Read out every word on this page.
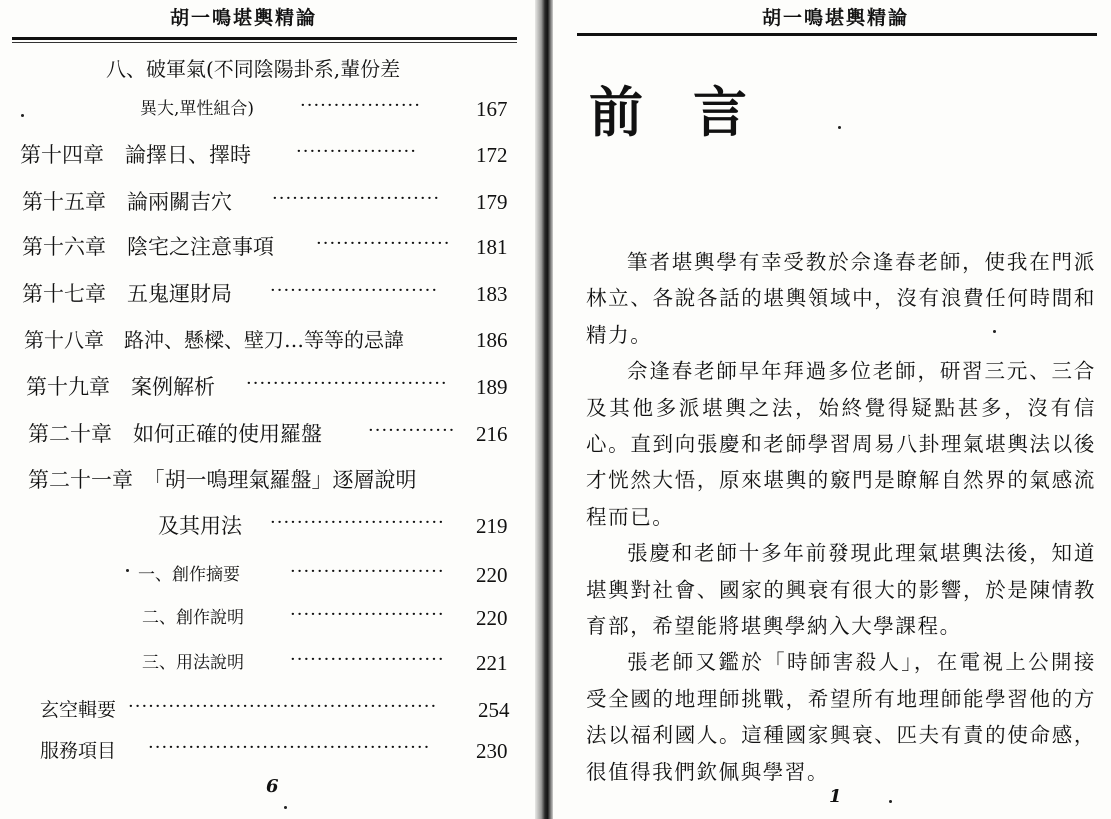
胡一鳴堪輿精論
八、破軍氣(不同陰陽卦系,輩份差
異大,單性組合)	··················	167
第十四章　論擇日、擇時	··················	172
第十五章　論兩關吉穴 ·························	179
第十六章　陰宅之注意事項 ····················	181
第十七章　五鬼運財局 ·························	183
第十八章　路沖、懸樑、壁刀…等等的忌諱	186
第十九章　案例解析 ······························	189
第二十章　如何正確的使用羅盤	············· 216
第二十一章　「胡一鳴理氣羅盤」逐層說明
及其用法 ··························	219
一、創作摘要	·······················	220
二、創作說明	·······················	220
三、用法說明	·······················	221
玄空輯要 ··············································	254
服務項目 ··········································	230
6
胡一鳴堪輿精論
前言

筆者堪輿學有幸受教於佘逢春老師，使我在門派林立、各說各話的堪輿領域中，沒有浪費任何時間和精力。

佘逢春老師早年拜過多位老師，研習三元、三合及其他多派堪輿之法，始終覺得疑點甚多，沒有信心。直到向張慶和老師學習周易八卦理氣堪輿法以後才恍然大悟，原來堪輿的竅門是瞭解自然界的氣感流程而已。

張慶和老師十多年前發現此理氣堪輿法後，知道堪輿對社會、國家的興衰有很大的影響，於是陳情教育部，希望能將堪輿學納入大學課程。

張老師又鑑於「時師害殺人」，在電視上公開接受全國的地理師挑戰，希望所有地理師能學習他的方法以福利國人。這種國家興衰、匹夫有責的使命感，很值得我們欽佩與學習。

1
